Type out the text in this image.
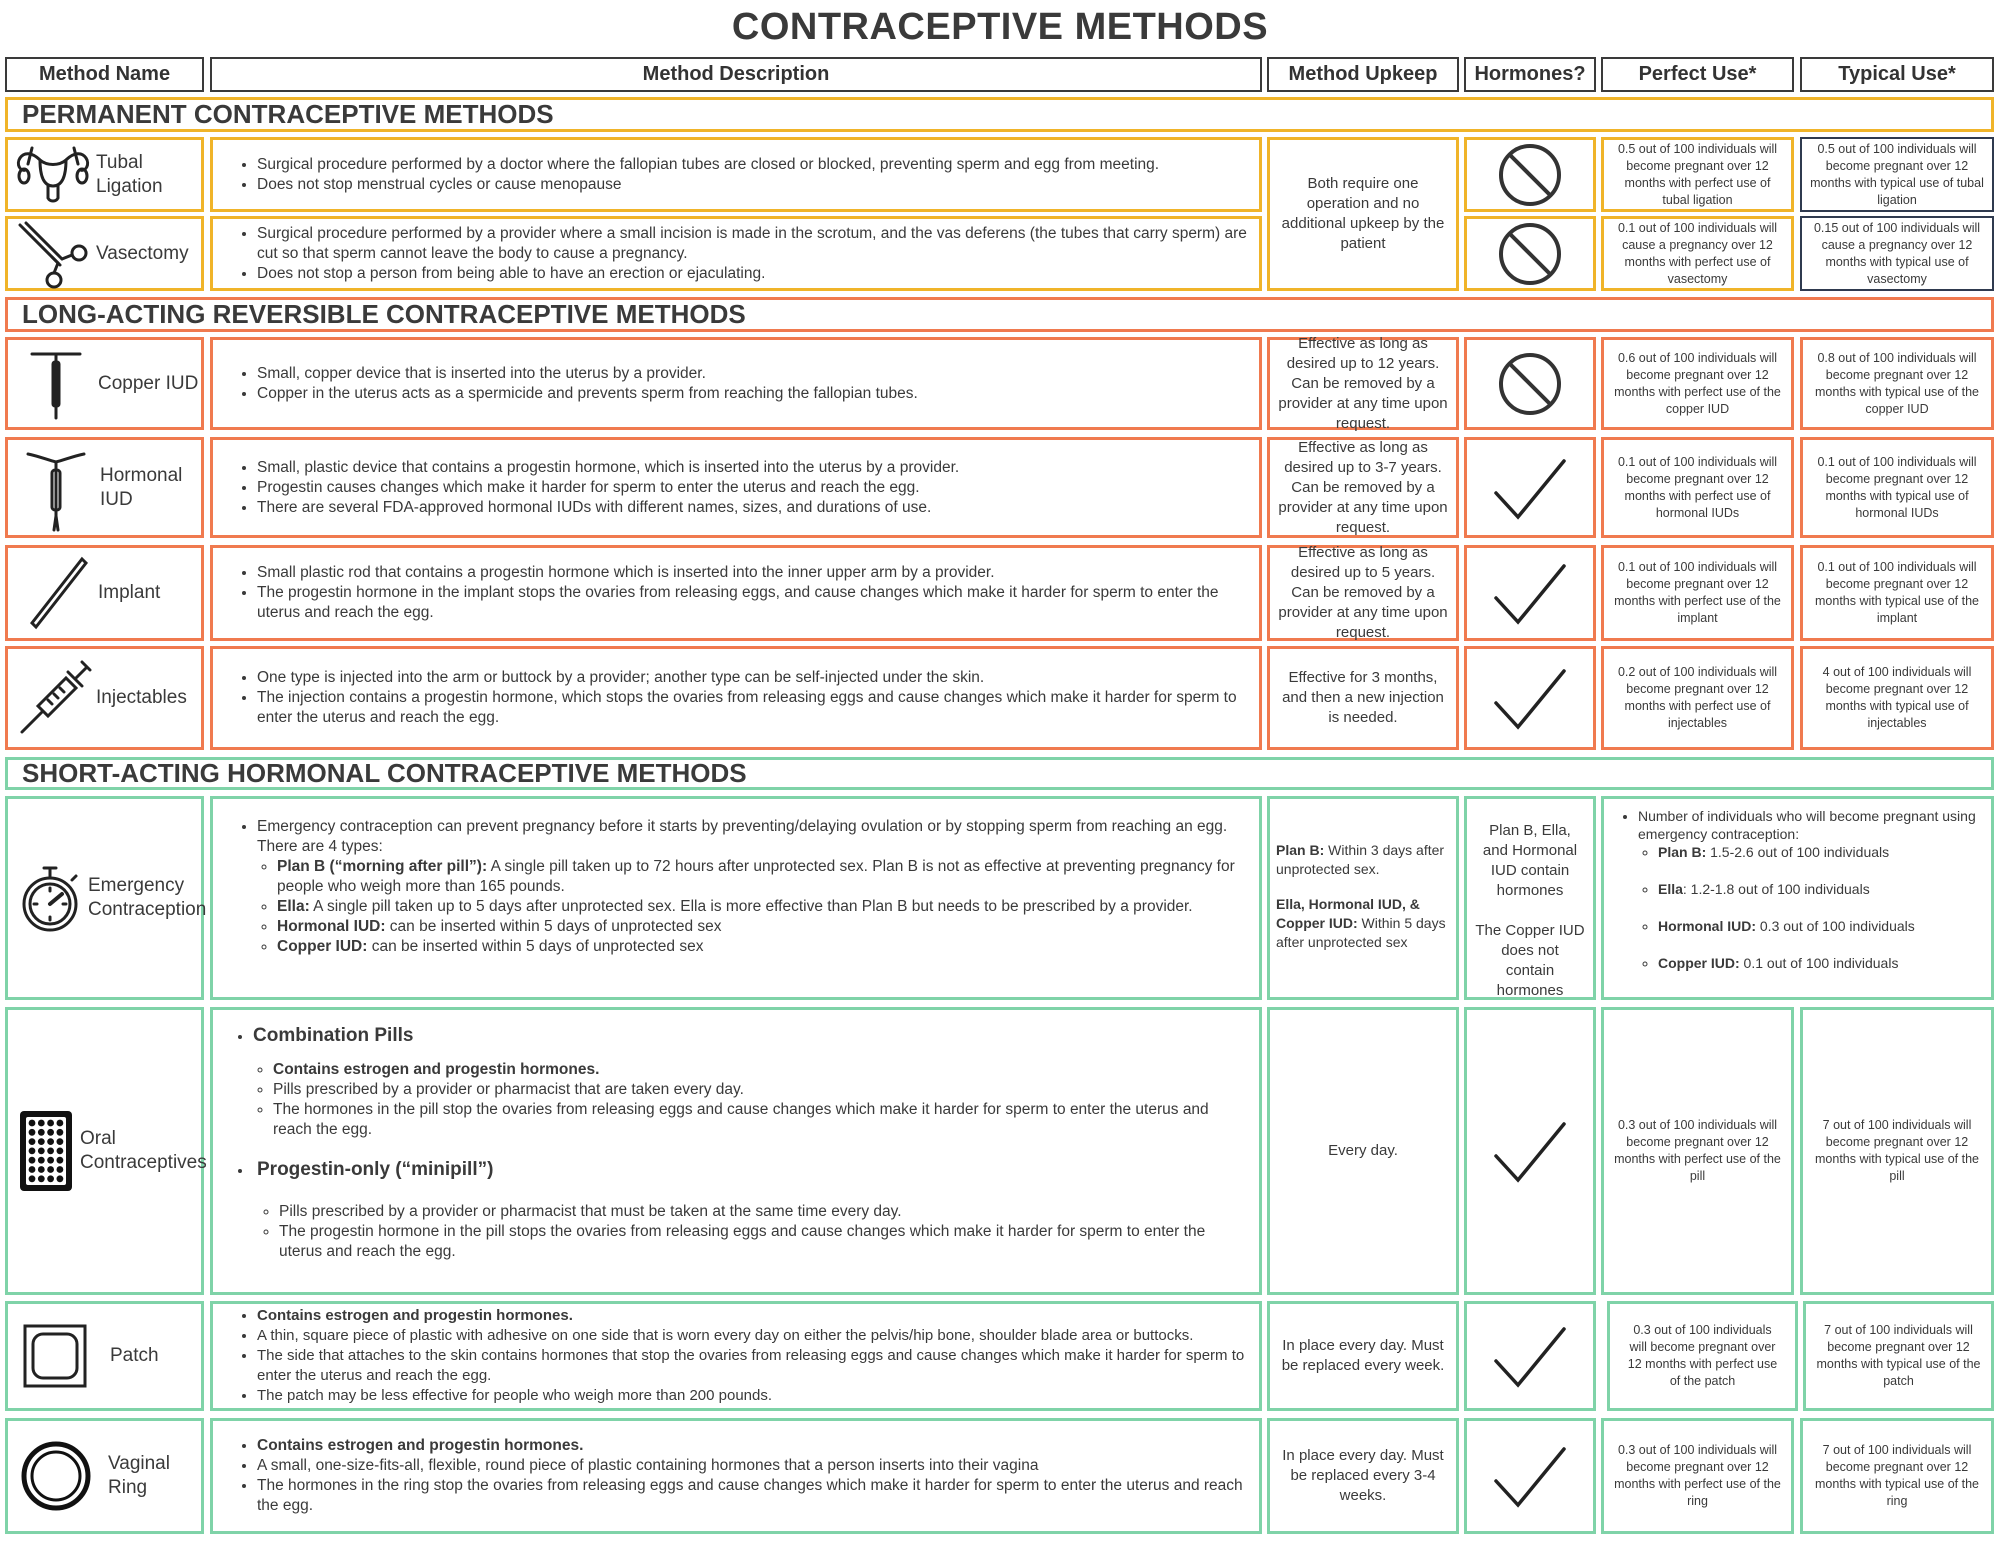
CONTRACEPTIVE METHODS
Method Name	Method Description	Method Upkeep	Hormones?	Perfect Use*	Typical Use*
PERMANENT CONTRACEPTIVE METHODS
Tubal Ligation
• Surgical procedure performed by a doctor where the fallopian tubes are closed or blocked, preventing sperm and egg from meeting.
• Does not stop menstrual cycles or cause menopause
0.5 out of 100 individuals will become pregnant over 12 months with perfect use of tubal ligation
0.5 out of 100 individuals will become pregnant over 12 months with typical use of tubal ligation
Vasectomy
• Surgical procedure performed by a provider where a small incision is made in the scrotum, and the vas deferens (the tubes that carry sperm) are cut so that sperm cannot leave the body to cause a pregnancy.
• Does not stop a person from being able to have an erection or ejaculating.
0.1 out of 100 individuals will cause a pregnancy over 12 months with perfect use of vasectomy
0.15 out of 100 individuals will cause a pregnancy over 12 months with typical use of vasectomy
Both require one operation and no additional upkeep by the patient
LONG-ACTING REVERSIBLE CONTRACEPTIVE METHODS
Copper IUD
•	Small, copper device that is inserted into the uterus by a provider.
• Copper in the uterus acts as a spermicide and prevents sperm from reaching the fallopian tubes.
Effective as long as desired up to 12 years. Can be removed by a provider at any time upon request.
0.6 out of 100 individuals will become pregnant over 12 months with perfect use of the copper IUD
0.8 out of 100 individuals will become pregnant over 12 months with typical use of the copper IUD
Hormonal IUD
• Small, plastic device that contains a progestin hormone, which is inserted into the uterus by a provider.
• Progestin causes changes which make it harder for sperm to enter the uterus and reach the egg.
• There are several FDA-approved hormonal IUDs with different names, sizes, and durations of use.
Effective as long as desired up to 3-7 years. Can be removed by a provider at any time upon request.
0.1 out of 100 individuals will become pregnant over 12 months with perfect use of hormonal IUDs
0.1 out of 100 individuals will become pregnant over 12 months with typical use of hormonal IUDs
Implant
• Small plastic rod that contains a progestin hormone which is inserted into the inner upper arm by a provider.
• The progestin hormone in the implant stops the ovaries from releasing eggs, and cause changes which make it harder for sperm to enter the uterus and reach the egg.
Effective as long as desired up to 5 years. Can be removed by a provider at any time upon request.
0.1 out of 100 individuals will become pregnant over 12 months with perfect use of the implant
0.1 out of 100 individuals will become pregnant over 12 months with typical use of the implant
Injectables
• One type is injected into the arm or buttock by a provider; another type can be self-injected under the skin.
• The injection contains a progestin hormone, which stops the ovaries from releasing eggs and cause changes which make it harder for sperm to enter the uterus and reach the egg.
Effective for 3 months, and then a new injection is needed.
0.2 out of 100 individuals will become pregnant over 12 months with perfect use of injectables
4 out of 100 individuals will become pregnant over 12 months with typical use of injectables
SHORT-ACTING HORMONAL CONTRACEPTIVE METHODS
Emergency Contraception
• Emergency contraception can prevent pregnancy before it starts by preventing/delaying ovulation or by stopping sperm from reaching an egg. There are 4 types:
◦ Plan B (“morning after pill”): A single pill taken up to 72 hours after unprotected sex. Plan B is not as effective at preventing pregnancy for people who weigh more than 165 pounds.
◦ Ella: A single pill taken up to 5 days after unprotected sex. Ella is more effective than Plan B but needs to be prescribed by a provider.
◦ Hormonal IUD: can be inserted within 5 days of unprotected sex
◦ Copper IUD: can be inserted within 5 days of unprotected sex
Plan B: Within 3 days after unprotected sex.
Ella, Hormonal IUD, & Copper IUD: Within 5 days after unprotected sex
Plan B, Ella, and Hormonal IUD contain hormones
The Copper IUD does not contain hormones
• Number of individuals who will become pregnant using emergency contraception:
◦ Plan B: 1.5-2.6 out of 100 individuals
◦ Ella: 1.2-1.8 out of 100 individuals
◦ Hormonal IUD: 0.3 out of 100 individuals
◦ Copper IUD: 0.1 out of 100 individuals
Oral Contraceptives
• Combination Pills
◦ Contains estrogen and progestin hormones.
◦ Pills prescribed by a provider or pharmacist that are taken every day.
◦ The hormones in the pill stop the ovaries from releasing eggs and cause changes which make it harder for sperm to enter the uterus and reach the egg.
• Progestin-only (“minipill”)
◦ Pills prescribed by a provider or pharmacist that must be taken at the same time every day.
◦ The progestin hormone in the pill stops the ovaries from releasing eggs and cause changes which make it harder for sperm to enter the uterus and reach the egg.
Every day.
0.3 out of 100 individuals will become pregnant over 12 months with perfect use of the pill
7 out of 100 individuals will become pregnant over 12 months with typical use of the pill
Patch
• Contains estrogen and progestin hormones.
• A thin, square piece of plastic with adhesive on one side that is worn every day on either the pelvis/hip bone, shoulder blade area or buttocks.
• The side that attaches to the skin contains hormones that stop the ovaries from releasing eggs and cause changes which make it harder for sperm to enter the uterus and reach the egg.
• The patch may be less effective for people who weigh more than 200 pounds.
In place every day. Must be replaced every week.
0.3 out of 100 individuals will become pregnant over 12 months with perfect use of the patch
7 out of 100 individuals will become pregnant over 12 months with typical use of the patch
Vaginal Ring
• Contains estrogen and progestin hormones.
• A small, one-size-fits-all, flexible, round piece of plastic containing hormones that a person inserts into their vagina
• The hormones in the ring stop the ovaries from releasing eggs and cause changes which make it harder for sperm to enter the uterus and reach the egg.
In place every day. Must be replaced every 3-4 weeks.
0.3 out of 100 individuals will become pregnant over 12 months with perfect use of the ring
7 out of 100 individuals will become pregnant over 12 months with typical use of the ring
